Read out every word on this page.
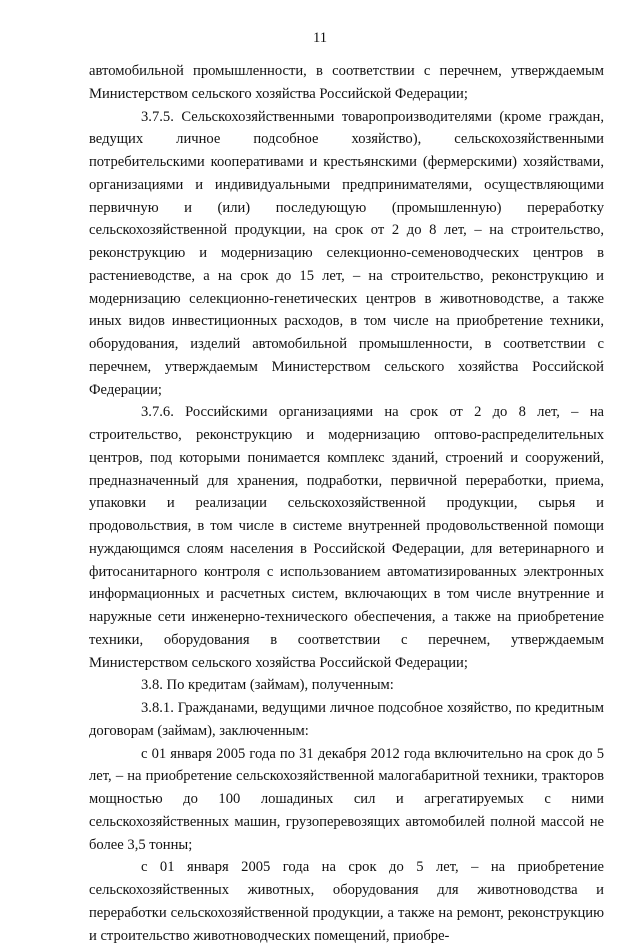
11

автомобильной промышленности, в соответствии с перечнем, утверждаемым Министерством сельского хозяйства Российской Федерации;

3.7.5. Сельскохозяйственными товаропроизводителями (кроме граждан, ведущих личное подсобное хозяйство), сельскохозяйственными потребительскими кооперативами и крестьянскими (фермерскими) хозяйствами, организациями и индивидуальными предпринимателями, осуществляющими первичную и (или) последующую (промышленную) переработку сельскохозяйственной продукции, на срок от 2 до 8 лет, – на строительство, реконструкцию и модернизацию селекционно-семеноводческих центров в растениеводстве, а на срок до 15 лет, – на строительство, реконструкцию и модернизацию селекционно-генетических центров в животноводстве, а также иных видов инвестиционных расходов, в том числе на приобретение техники, оборудования, изделий автомобильной промышленности, в соответствии с перечнем, утверждаемым Министерством сельского хозяйства Российской Федерации;

3.7.6. Российскими организациями на срок от 2 до 8 лет, – на строительство, реконструкцию и модернизацию оптово-распределительных центров, под которыми понимается комплекс зданий, строений и сооружений, предназначенный для хранения, подработки, первичной переработки, приема, упаковки и реализации сельскохозяйственной продукции, сырья и продовольствия, в том числе в системе внутренней продовольственной помощи нуждающимся слоям населения в Российской Федерации, для ветеринарного и фитосанитарного контроля с использованием автоматизированных электронных информационных и расчетных систем, включающих в том числе внутренние и наружные сети инженерно-технического обеспечения, а также на приобретение техники, оборудования в соответствии с перечнем, утверждаемым Министерством сельского хозяйства Российской Федерации;

3.8. По кредитам (займам), полученным:

3.8.1. Гражданами, ведущими личное подсобное хозяйство, по кредитным договорам (займам), заключенным:

с 01 января 2005 года по 31 декабря 2012 года включительно на срок до 5 лет, – на приобретение сельскохозяйственной малогабаритной техники, тракторов мощностью до 100 лошадиных сил и агрегатируемых с ними сельскохозяйственных машин, грузоперевозящих автомобилей полной массой не более 3,5 тонны;

с 01 января 2005 года на срок до 5 лет, – на приобретение сельскохозяйственных животных, оборудования для животноводства и переработки сельскохозяйственной продукции, а также на ремонт, реконструкцию и строительство животноводческих помещений, приобре-
